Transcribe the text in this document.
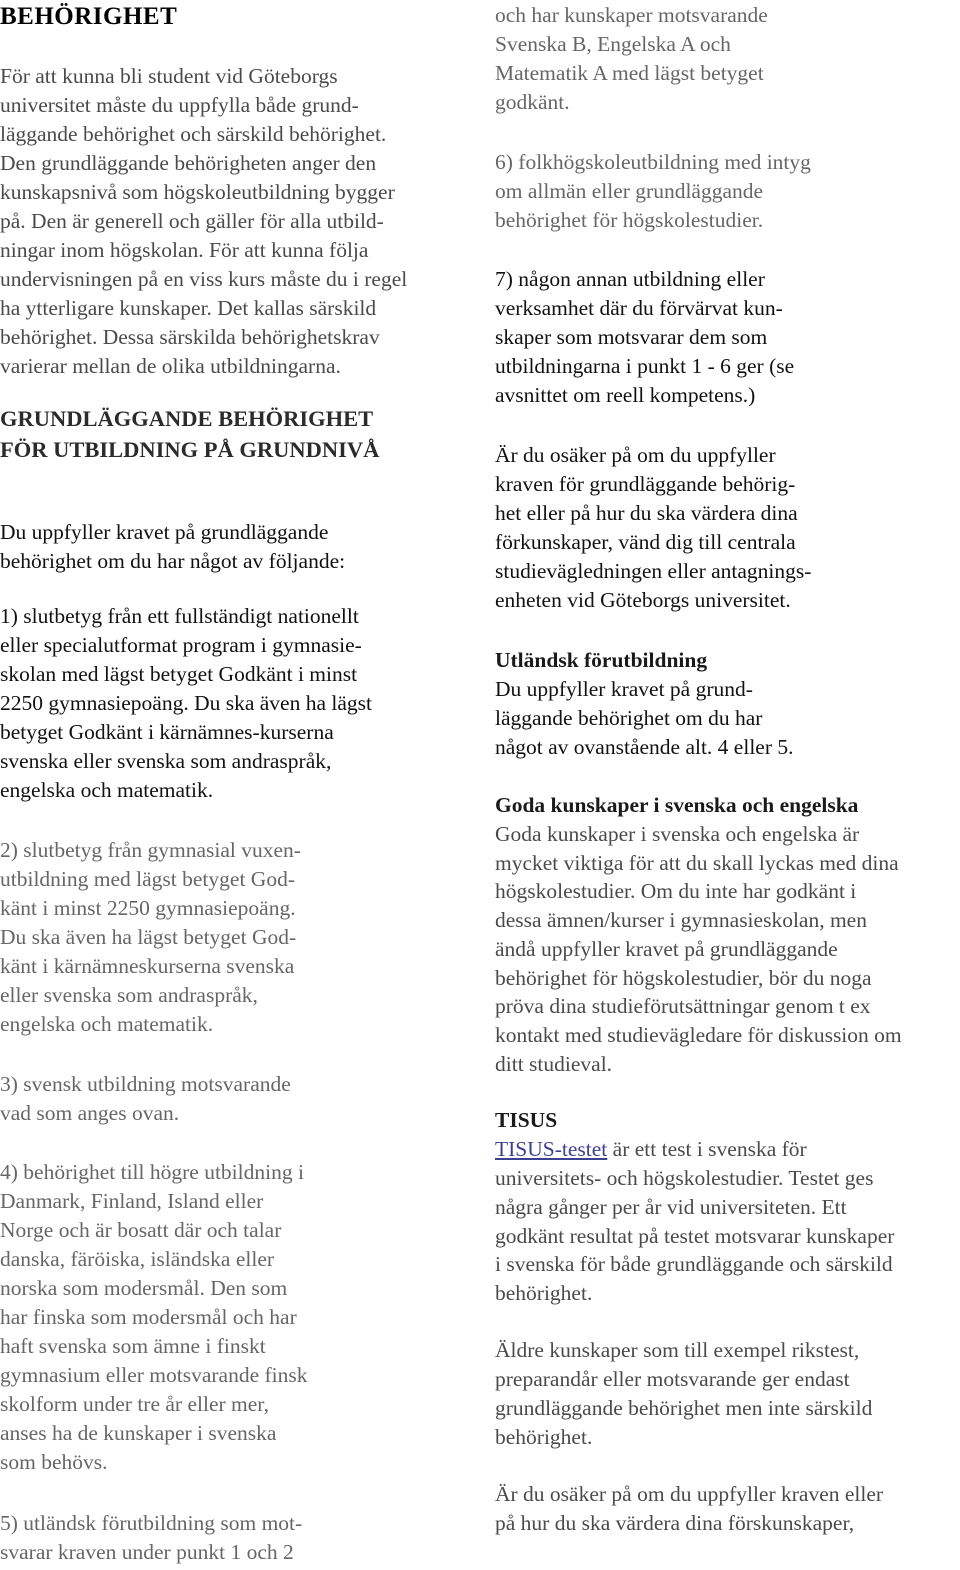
BEHÖRIGHET
För att kunna bli student vid Göteborgs
universitet måste du uppfylla både grund-
läggande behörighet och särskild behörighet.
Den grundläggande behörigheten anger den
kunskapsnivå som högskoleutbildning bygger
på. Den är generell och gäller för alla utbild-
ningar inom högskolan. För att kunna följa
undervisningen på en viss kurs måste du i regel
ha ytterligare kunskaper. Det kallas särskild
behörighet. Dessa särskilda behörighetskrav
varierar mellan de olika utbildningarna.
GRUNDLÄGGANDE BEHÖRIGHET
FÖR UTBILDNING PÅ GRUNDNIVÅ
Du uppfyller kravet på grundläggande
behörighet om du har något av följande:
1) slutbetyg från ett fullständigt nationellt
eller specialutformat program i gymnasie-
skolan med lägst betyget Godkänt i minst
2250 gymnasiepoäng. Du ska även ha lägst
betyget Godkänt i kärnämnes-kurserna
svenska eller svenska som andraspråk,
engelska och matematik.
2) slutbetyg från gymnasial vuxen-
utbildning med lägst betyget God-
känt i minst 2250 gymnasiepoäng.
Du ska även ha lägst betyget God-
känt i kärnämneskurserna svenska
eller svenska som andraspråk,
engelska och matematik.
3) svensk utbildning motsvarande
vad som anges ovan.
4) behörighet till högre utbildning i
Danmark, Finland, Island eller
Norge och är bosatt där och talar
danska, färöiska, isländska eller
norska som modersmål. Den som
har finska som modersmål och har
haft svenska som ämne i finskt
gymnasium eller motsvarande finsk
skolform under tre år eller mer,
anses ha de kunskaper i svenska
som behövs.
5) utländsk förutbildning som mot-
svarar kraven under punkt 1 och 2
och har kunskaper motsvarande
Svenska B, Engelska A och
Matematik A med lägst betyget
godkänt.
6) folkhögskoleutbildning med intyg
om allmän eller grundläggande
behörighet för högskolestudier.
7) någon annan utbildning eller
verksamhet där du förvärvat kun-
skaper som motsvarar dem som
utbildningarna i punkt 1 - 6 ger (se
avsnittet om reell kompetens.)
Är du osäker på om du uppfyller
kraven för grundläggande behörig-
het eller på hur du ska värdera dina
förkunskaper, vänd dig till centrala
studievägledningen eller antagnings-
enheten vid Göteborgs universitet.
Utländsk förutbildning
Du uppfyller kravet på grund-
läggande behörighet om du har
något av ovanstående alt. 4 eller 5.
Goda kunskaper i svenska och engelska
Goda kunskaper i svenska och engelska är
mycket viktiga för att du skall lyckas med dina
högskolestudier. Om du inte har godkänt i
dessa ämnen/kurser i gymnasieskolan, men
ändå uppfyller kravet på grundläggande
behörighet för högskolestudier, bör du noga
pröva dina studieförutsättningar genom t ex
kontakt med studievägledare för diskussion om
ditt studieval.
TISUS
TISUS-testet är ett test i svenska för
universitets- och högskolestudier. Testet ges
några gånger per år vid universiteten. Ett
godkänt resultat på testet motsvarar kunskaper
i svenska för både grundläggande och särskild
behörighet.
Äldre kunskaper som till exempel rikstest,
preparandår eller motsvarande ger endast
grundläggande behörighet men inte särskild
behörighet.
Är du osäker på om du uppfyller kraven eller
på hur du ska värdera dina förskunskaper,
